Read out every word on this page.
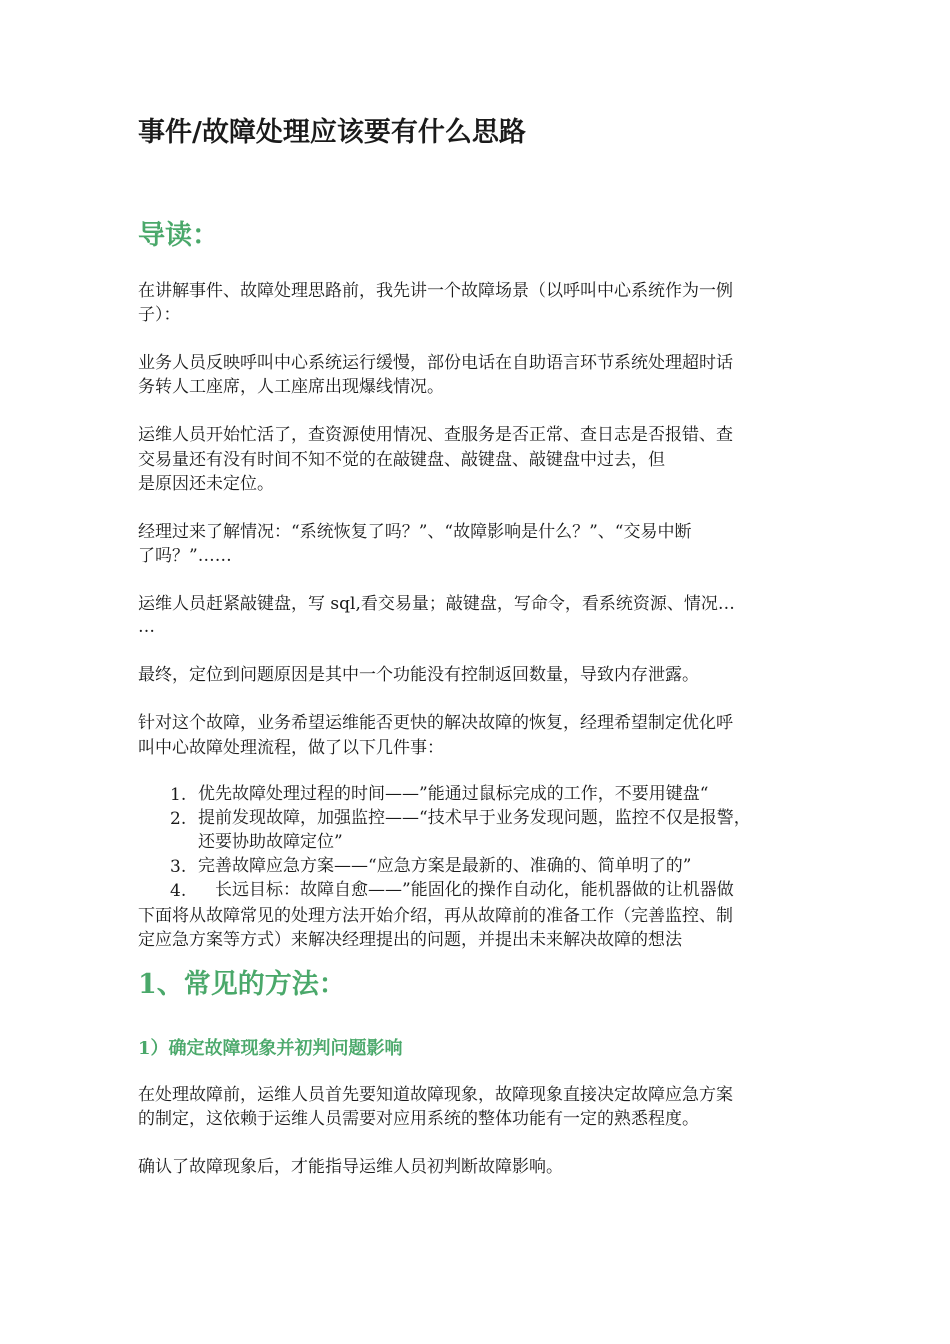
事件/故障处理应该要有什么思路
导读：

在讲解事件、故障处理思路前，我先讲一个故障场景（以呼叫中心系统作为一例

子）：

业务人员反映呼叫中心系统运行缓慢，部份电话在自助语言环节系统处理超时话

务转人工座席，人工座席出现爆线情况。

运维人员开始忙活了，查资源使用情况、查服务是否正常、查日志是否报错、查

交易量还有没有时间不知不觉的在敲键盘、敲键盘、敲键盘中过去，但

是原因还未定位。

经理过来了解情况：“系统恢复了吗？”、“故障影响是什么？”、“交易中断

了吗？”……

运维人员赶紧敲键盘，写 sql,看交易量；敲键盘，写命令，看系统资源、情况…

…

最终，定位到问题原因是其中一个功能没有控制返回数量，导致内存泄露。

针对这个故障，业务希望运维能否更快的解决故障的恢复，经理希望制定优化呼

叫中心故障处理流程，做了以下几件事：

1. 优先故障处理过程的时间——”能通过鼠标完成的工作，不要用键盘“
2. 提前发现故障，加强监控——“技术早于业务发现问题，监控不仅是报警，
还要协助故障定位”
3. 完善故障应急方案——“应急方案是最新的、准确的、简单明了的”
4. 长远目标：故障自愈——”能固化的操作自动化，能机器做的让机器做

下面将从故障常见的处理方法开始介绍，再从故障前的准备工作（完善监控、制

定应急方案等方式）来解决经理提出的问题，并提出未来解决故障的想法

1、常见的方法：
1）确定故障现象并初判问题影响

在处理故障前，运维人员首先要知道故障现象，故障现象直接决定故障应急方案

的制定，这依赖于运维人员需要对应用系统的整体功能有一定的熟悉程度。

确认了故障现象后，才能指导运维人员初判断故障影响。
